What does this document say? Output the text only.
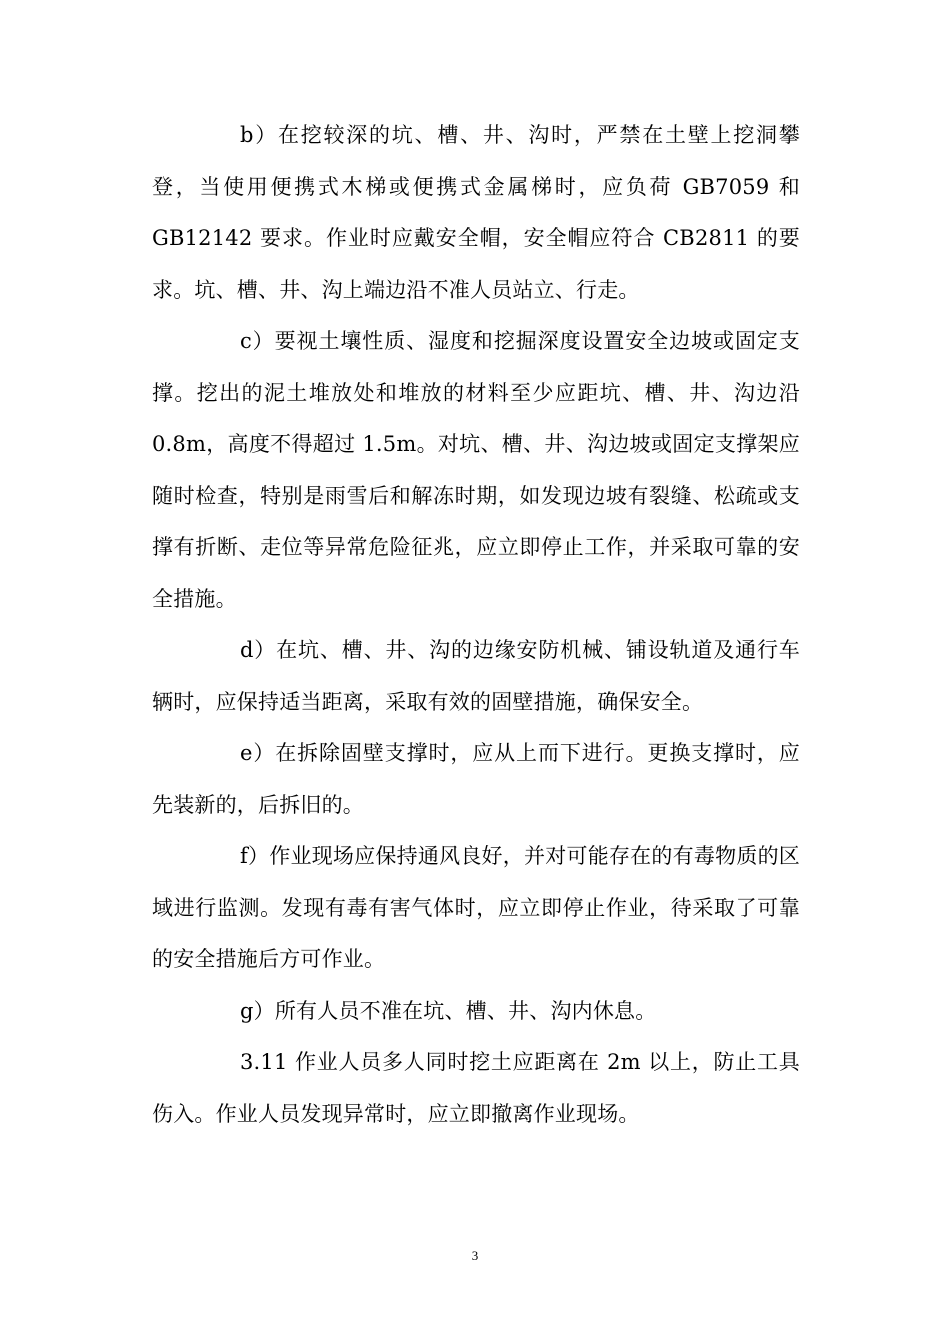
b）在挖较深的坑、槽、井、沟时，严禁在土壁上挖洞攀登，当使用便携式木梯或便携式金属梯时，应负荷 GB7059 和 GB12142 要求。作业时应戴安全帽，安全帽应符合 CB2811 的要求。坑、槽、井、沟上端边沿不准人员站立、行走。

c）要视土壤性质、湿度和挖掘深度设置安全边坡或固定支撑。挖出的泥土堆放处和堆放的材料至少应距坑、槽、井、沟边沿 0.8m，高度不得超过 1.5m。对坑、槽、井、沟边坡或固定支撑架应随时检查，特别是雨雪后和解冻时期，如发现边坡有裂缝、松疏或支撑有折断、走位等异常危险征兆，应立即停止工作，并采取可靠的安全措施。

d）在坑、槽、井、沟的边缘安防机械、铺设轨道及通行车辆时，应保持适当距离，采取有效的固壁措施，确保安全。

e）在拆除固壁支撑时，应从上而下进行。更换支撑时，应先装新的，后拆旧的。

f）作业现场应保持通风良好，并对可能存在的有毒物质的区域进行监测。发现有毒有害气体时，应立即停止作业，待采取了可靠的安全措施后方可作业。

g）所有人员不准在坑、槽、井、沟内休息。

3.11 作业人员多人同时挖土应距离在 2m 以上，防止工具伤入。作业人员发现异常时，应立即撤离作业现场。

3
